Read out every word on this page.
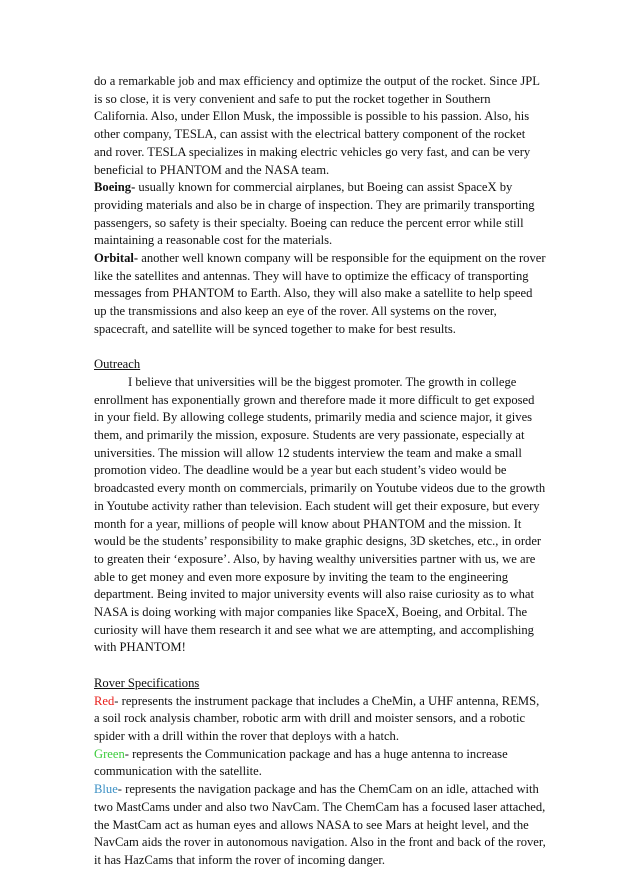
do a remarkable job and max efficiency and optimize the output of the rocket. Since JPL is so close, it is very convenient and safe to put the rocket together in Southern California. Also, under Ellon Musk, the impossible is possible to his passion. Also, his other company, TESLA, can assist with the electrical battery component of the rocket and rover. TESLA specializes in making electric vehicles go very fast, and can be very beneficial to PHANTOM and the NASA team.

Boeing- usually known for commercial airplanes, but Boeing can assist SpaceX by providing materials and also be in charge of inspection. They are primarily transporting passengers, so safety is their specialty. Boeing can reduce the percent error while still maintaining a reasonable cost for the materials.

Orbital- another well known company will be responsible for the equipment on the rover like the satellites and antennas. They will have to optimize the efficacy of transporting messages from PHANTOM to Earth. Also, they will also make a satellite to help speed up the transmissions and also keep an eye of the rover. All systems on the rover, spacecraft, and satellite will be synced together to make for best results.

Outreach

I believe that universities will be the biggest promoter. The growth in college enrollment has exponentially grown and therefore made it more difficult to get exposed in your field. By allowing college students, primarily media and science major, it gives them, and primarily the mission, exposure. Students are very passionate, especially at universities. The mission will allow 12 students interview the team and make a small promotion video. The deadline would be a year but each student’s video would be broadcasted every month on commercials, primarily on Youtube videos due to the growth in Youtube activity rather than television. Each student will get their exposure, but every month for a year, millions of people will know about PHANTOM and the mission. It would be the students’ responsibility to make graphic designs, 3D sketches, etc., in order to greaten their ‘exposure’. Also, by having wealthy universities partner with us, we are able to get money and even more exposure by inviting the team to the engineering department. Being invited to major university events will also raise curiosity as to what NASA is doing working with major companies like SpaceX, Boeing, and Orbital. The curiosity will have them research it and see what we are attempting, and accomplishing with PHANTOM!

Rover Specifications

Red- represents the instrument package that includes a CheMin, a UHF antenna, REMS, a soil rock analysis chamber, robotic arm with drill and moister sensors, and a robotic spider with a drill within the rover that deploys with a hatch.

Green- represents the Communication package and has a huge antenna to increase communication with the satellite.

Blue- represents the navigation package and has the ChemCam on an idle, attached with two MastCams under and also two NavCam. The ChemCam has a focused laser attached, the MastCam act as human eyes and allows NASA to see Mars at height level, and the NavCam aids the rover in autonomous navigation. Also in the front and back of the rover, it has HazCams that inform the rover of incoming danger.
